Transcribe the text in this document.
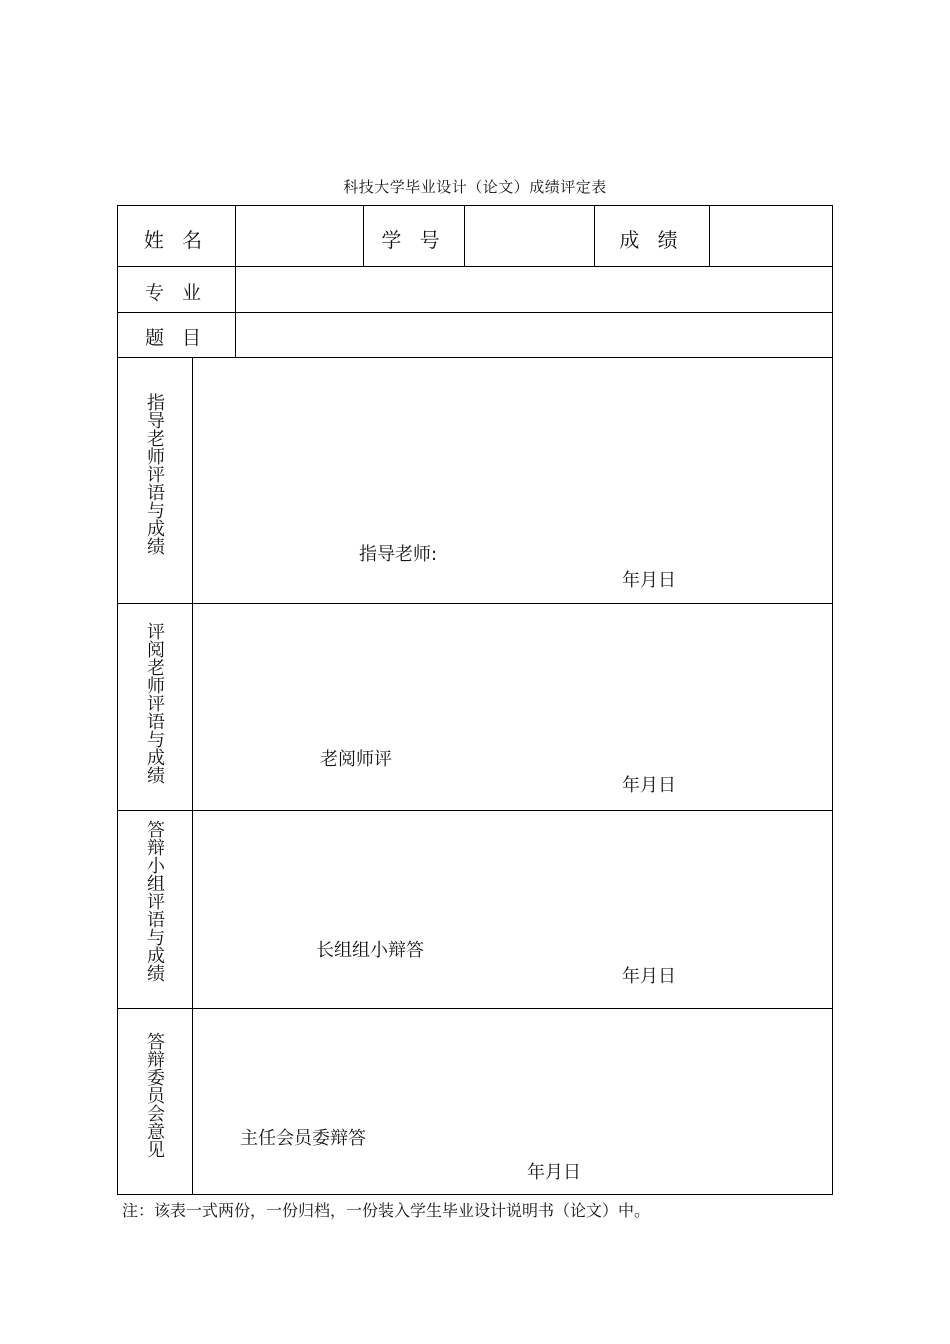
科技大学毕业设计（论文）成绩评定表
姓 名	学 号	成 绩
专 业
题 目
指导老师评语与成绩	指导老师:
年月日
评阅老师评语与成绩	老阅师评
年月日
答辩小组评语与成绩	长组组小辩答
年月日
答辩委员会意见	主任会员委辩答
年月日
注：该表一式两份，一份归档，一份装入学生毕业设计说明书（论文）中。
